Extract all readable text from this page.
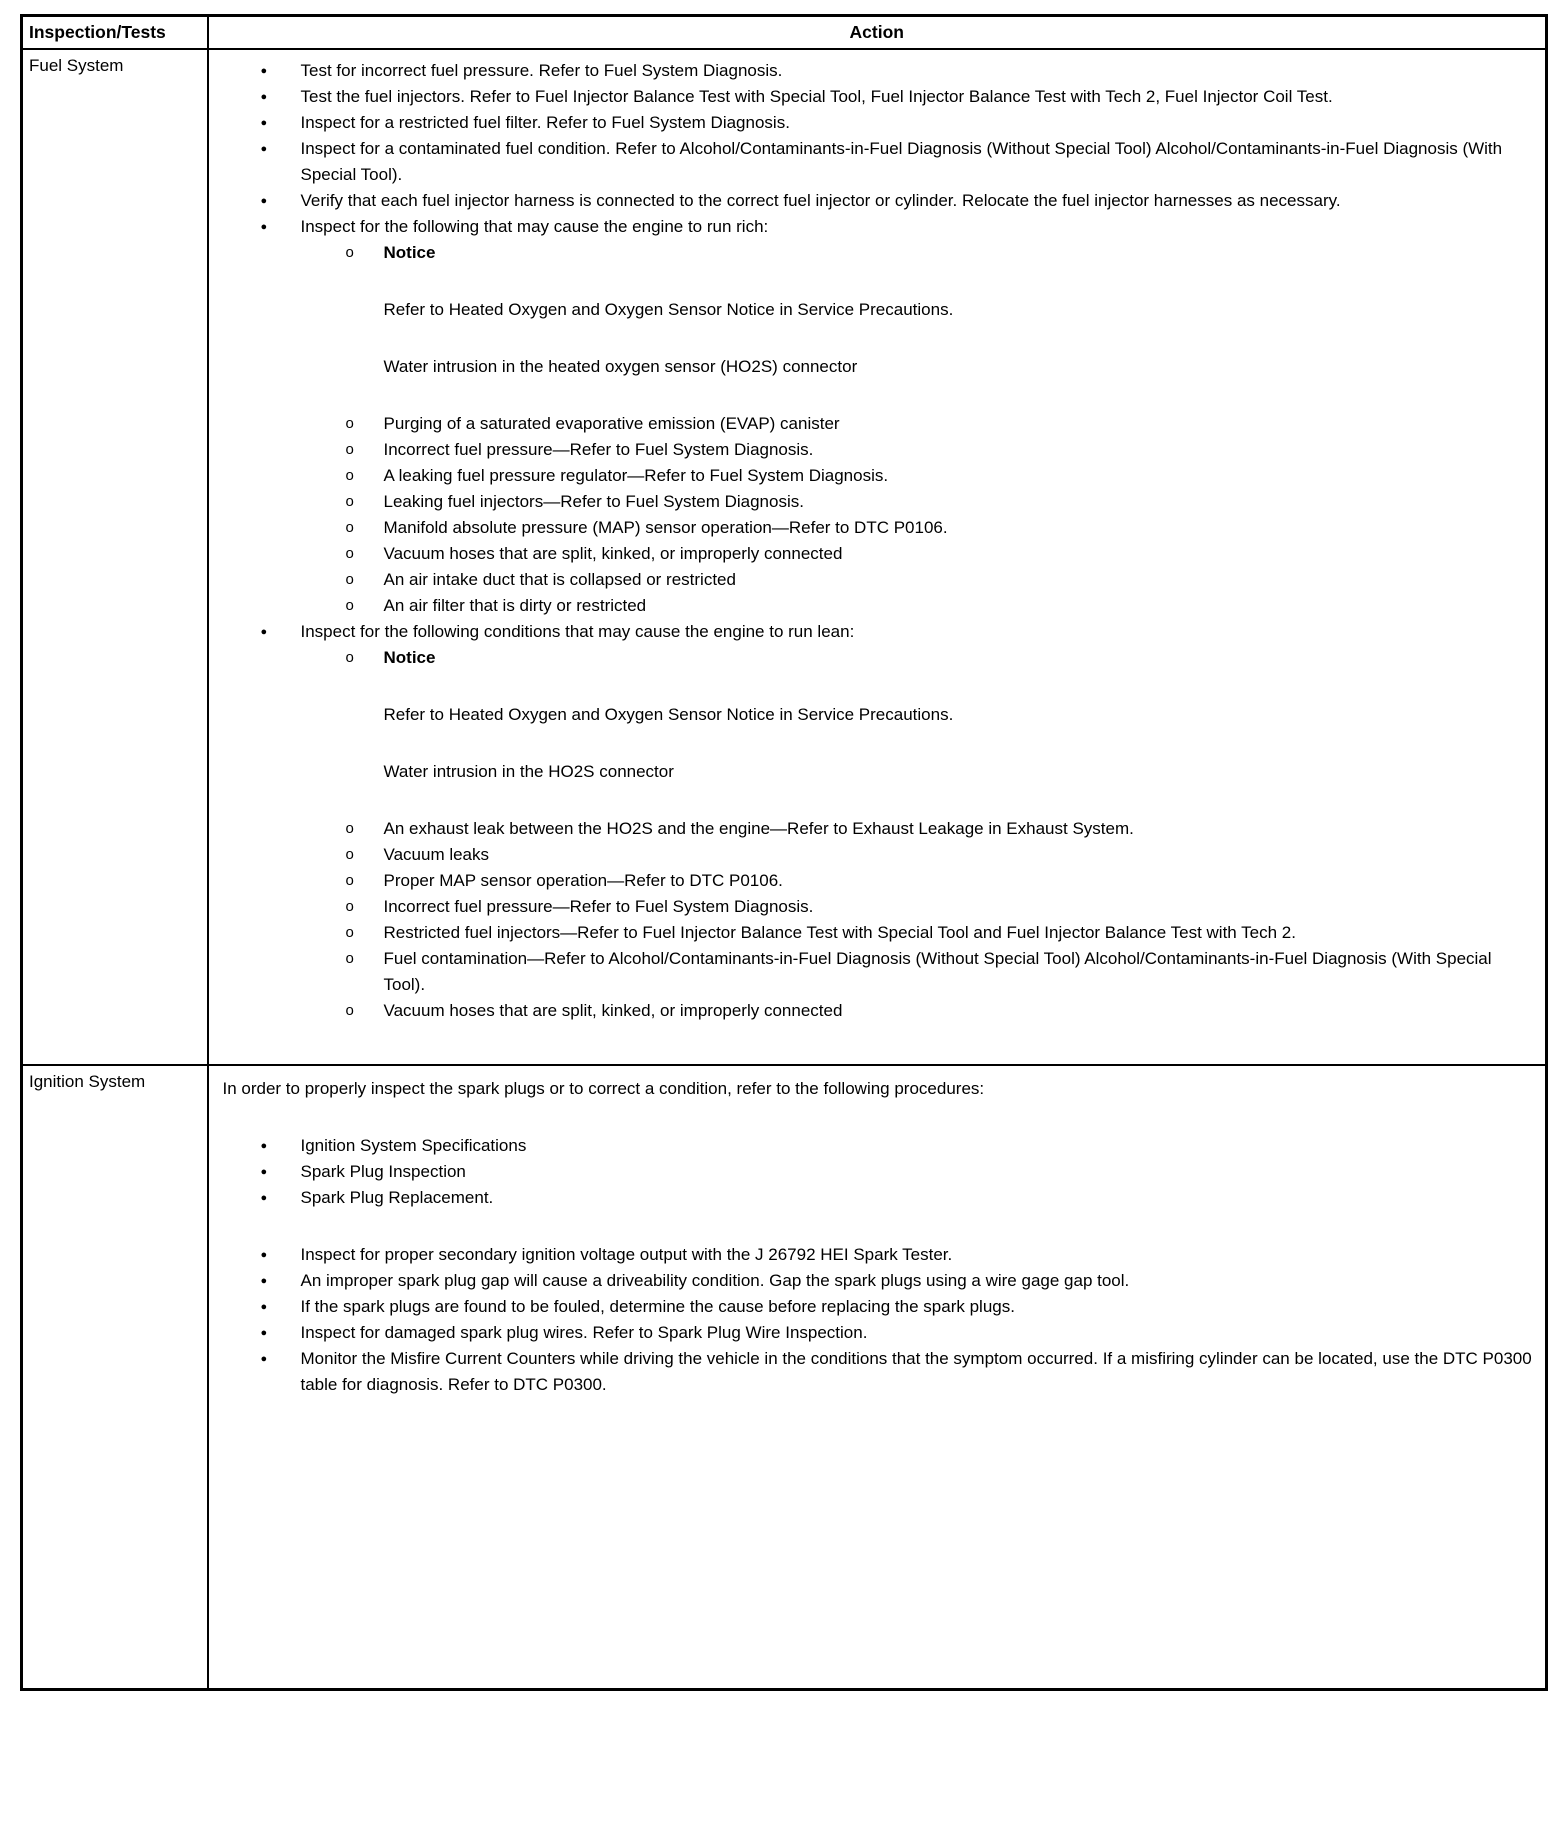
Inspection/Tests	Action
Fuel System	●	Test for incorrect fuel pressure. Refer to Fuel System Diagnosis.
●	Test the fuel injectors. Refer to Fuel Injector Balance Test with Special Tool, Fuel Injector Balance Test with Tech 2, Fuel Injector Coil Test.
●	Inspect for a restricted fuel filter. Refer to Fuel System Diagnosis.
●	Inspect for a contaminated fuel condition. Refer to Alcohol/Contaminants-in-Fuel Diagnosis (Without Special Tool) Alcohol/Contaminants-in-Fuel Diagnosis (With Special Tool).
●	Verify that each fuel injector harness is connected to the correct fuel injector or cylinder. Relocate the fuel injector harnesses as necessary.
●	Inspect for the following that may cause the engine to run rich:
o	Notice
Refer to Heated Oxygen and Oxygen Sensor Notice in Service Precautions.
Water intrusion in the heated oxygen sensor (HO2S) connector
o	Purging of a saturated evaporative emission (EVAP) canister
o	Incorrect fuel pressure—Refer to Fuel System Diagnosis.
o	A leaking fuel pressure regulator—Refer to Fuel System Diagnosis.
o	Leaking fuel injectors—Refer to Fuel System Diagnosis.
o	Manifold absolute pressure (MAP) sensor operation—Refer to DTC P0106.
o	Vacuum hoses that are split, kinked, or improperly connected
o	An air intake duct that is collapsed or restricted
o	An air filter that is dirty or restricted
●	Inspect for the following conditions that may cause the engine to run lean:
o	Notice
Refer to Heated Oxygen and Oxygen Sensor Notice in Service Precautions.
Water intrusion in the HO2S connector
o	An exhaust leak between the HO2S and the engine—Refer to Exhaust Leakage in Exhaust System.
o	Vacuum leaks
o	Proper MAP sensor operation—Refer to DTC P0106.
o	Incorrect fuel pressure—Refer to Fuel System Diagnosis.
o	Restricted fuel injectors—Refer to Fuel Injector Balance Test with Special Tool and Fuel Injector Balance Test with Tech 2.
o	Fuel contamination—Refer to Alcohol/Contaminants-in-Fuel Diagnosis (Without Special Tool) Alcohol/Contaminants-in-Fuel Diagnosis (With Special Tool).
o	Vacuum hoses that are split, kinked, or improperly connected

Ignition System	In order to properly inspect the spark plugs or to correct a condition, refer to the following procedures:
●	Ignition System Specifications
●	Spark Plug Inspection
●	Spark Plug Replacement.
●	Inspect for proper secondary ignition voltage output with the J 26792 HEI Spark Tester.
●	An improper spark plug gap will cause a driveability condition. Gap the spark plugs using a wire gage gap tool.
●	If the spark plugs are found to be fouled, determine the cause before replacing the spark plugs.
●	Inspect for damaged spark plug wires. Refer to Spark Plug Wire Inspection.
●	Monitor the Misfire Current Counters while driving the vehicle in the conditions that the symptom occurred. If a misfiring cylinder can be located, use the DTC P0300 table for diagnosis. Refer to DTC P0300.
